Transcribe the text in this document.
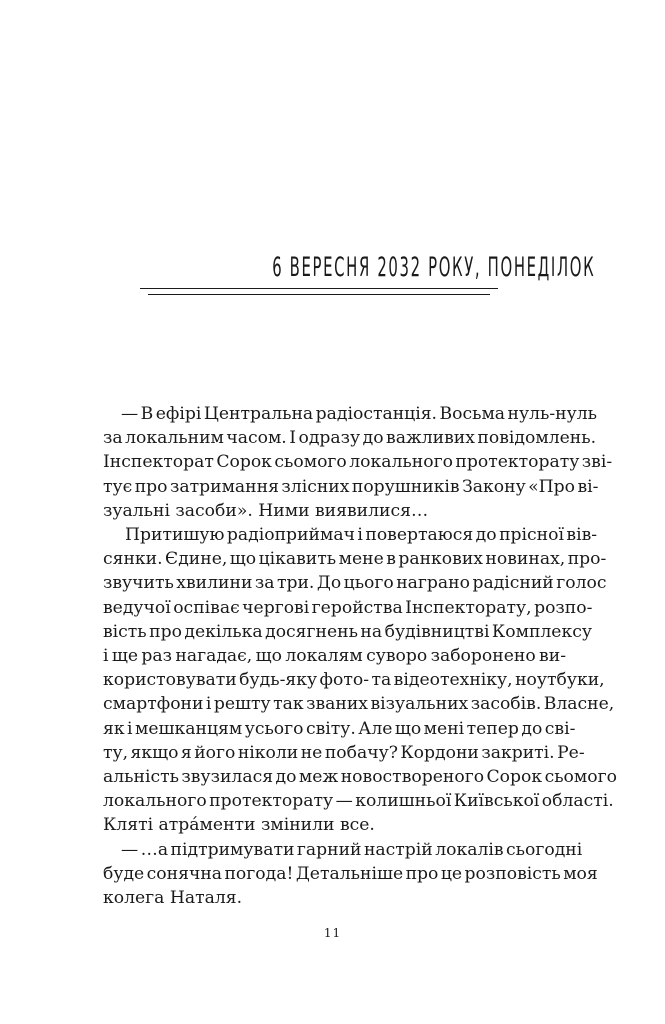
6 ВЕРЕСНЯ 2032 РОКУ, ПОНЕДІЛОК
— В ефірі Центральна радіостанція. Восьма нуль-нуль
за локальним часом. І одразу до важливих повідомлень.
Інспекторат Сорок сьомого локального протекторату зві-
тує про затримання злісних порушників Закону «Про ві-
зуальні засоби». Ними виявилися…
Притишую радіоприймач і повертаюся до прісної вів-
сянки. Єдине, що цікавить мене в ранкових новинах, про-
звучить хвилини за три. До цього награно радісний голос
ведучої оспіває чергові геройства Інспекторату, розпо-
вість про декілька досягнень на будівництві Комплексу
і ще раз нагадає, що локалям суворо заборонено ви-
користовувати будь-яку фото- та відеотехніку, ноутбуки,
смартфони і решту так званих візуальних засобів. Власне,
як і мешканцям усього світу. Але що мені тепер до сві-
ту, якщо я його ніколи не побачу? Кордони закриті. Ре-
альність звузилася до меж новоствореного Сорок сьомого
локального протекторату — колишньої Київської області.
Кляті атрáменти змінили все.
— …а підтримувати гарний настрій локалів сьогодні
буде сонячна погода! Детальніше про це розповість моя
колега Наталя.
11
